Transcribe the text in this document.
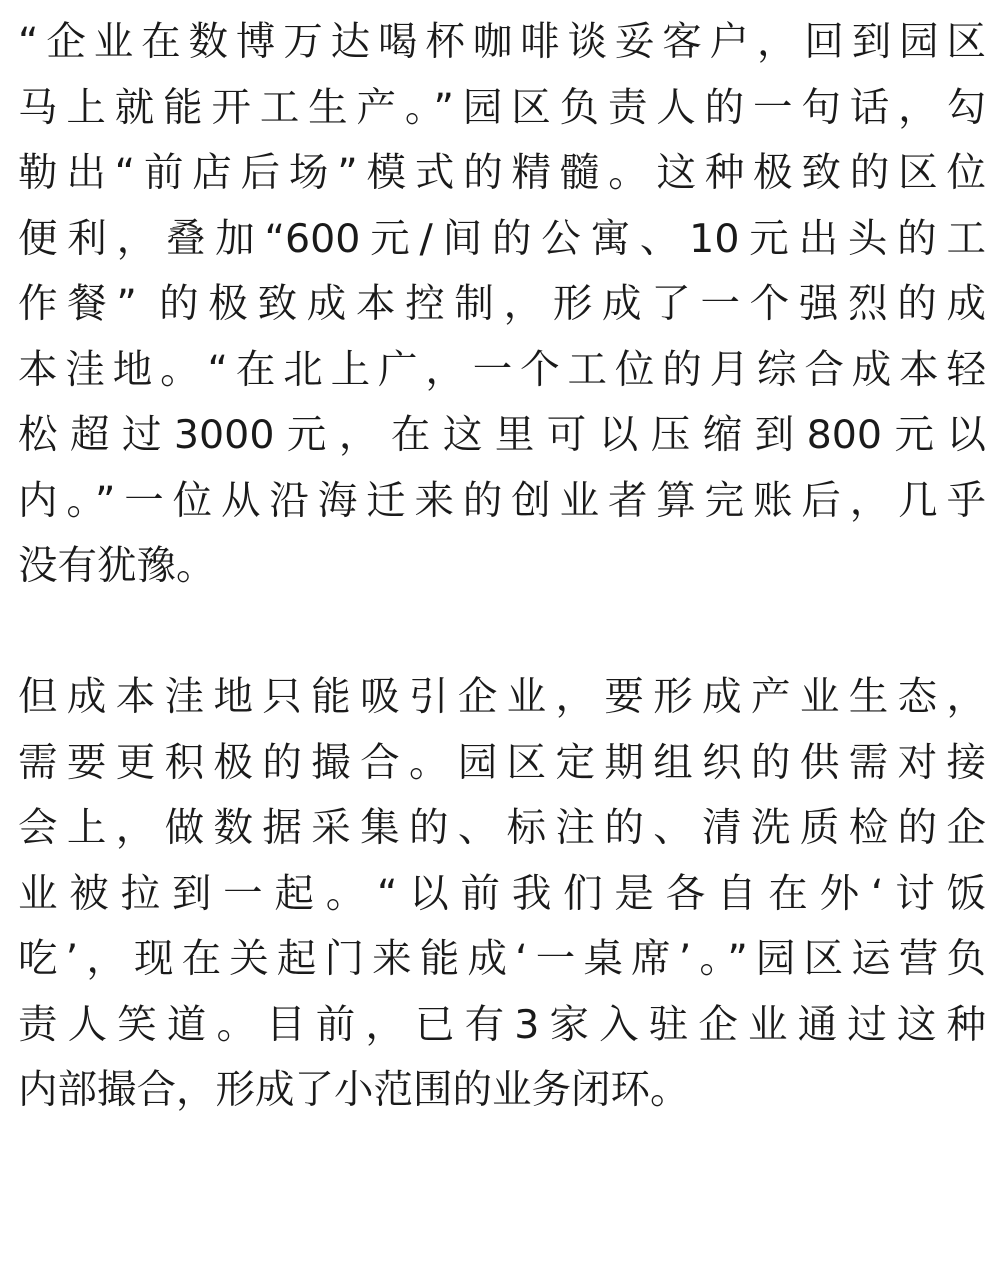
“企业在数博万达喝杯咖啡谈妥客户，回到园区
马上就能开工生产。”园区负责人的一句话，勾
勒出“前店后场”模式的精髓。这种极致的区位
便利，叠加“600元/间的公寓、10元出头的工
作餐” 的极致成本控制，形成了一个强烈的成
本洼地。“在北上广，一个工位的月综合成本轻
松超过3000元，在这里可以压缩到800元以
内。”一位从沿海迁来的创业者算完账后，几乎
没有犹豫。
但成本洼地只能吸引企业，要形成产业生态，
需要更积极的撮合。园区定期组织的供需对接
会上，做数据采集的、标注的、清洗质检的企
业被拉到一起。“以前我们是各自在外‘讨饭
吃’，现在关起门来能成‘一桌席’。”园区运营负
责人笑道。目前，已有3家入驻企业通过这种
内部撮合，形成了小范围的业务闭环。
